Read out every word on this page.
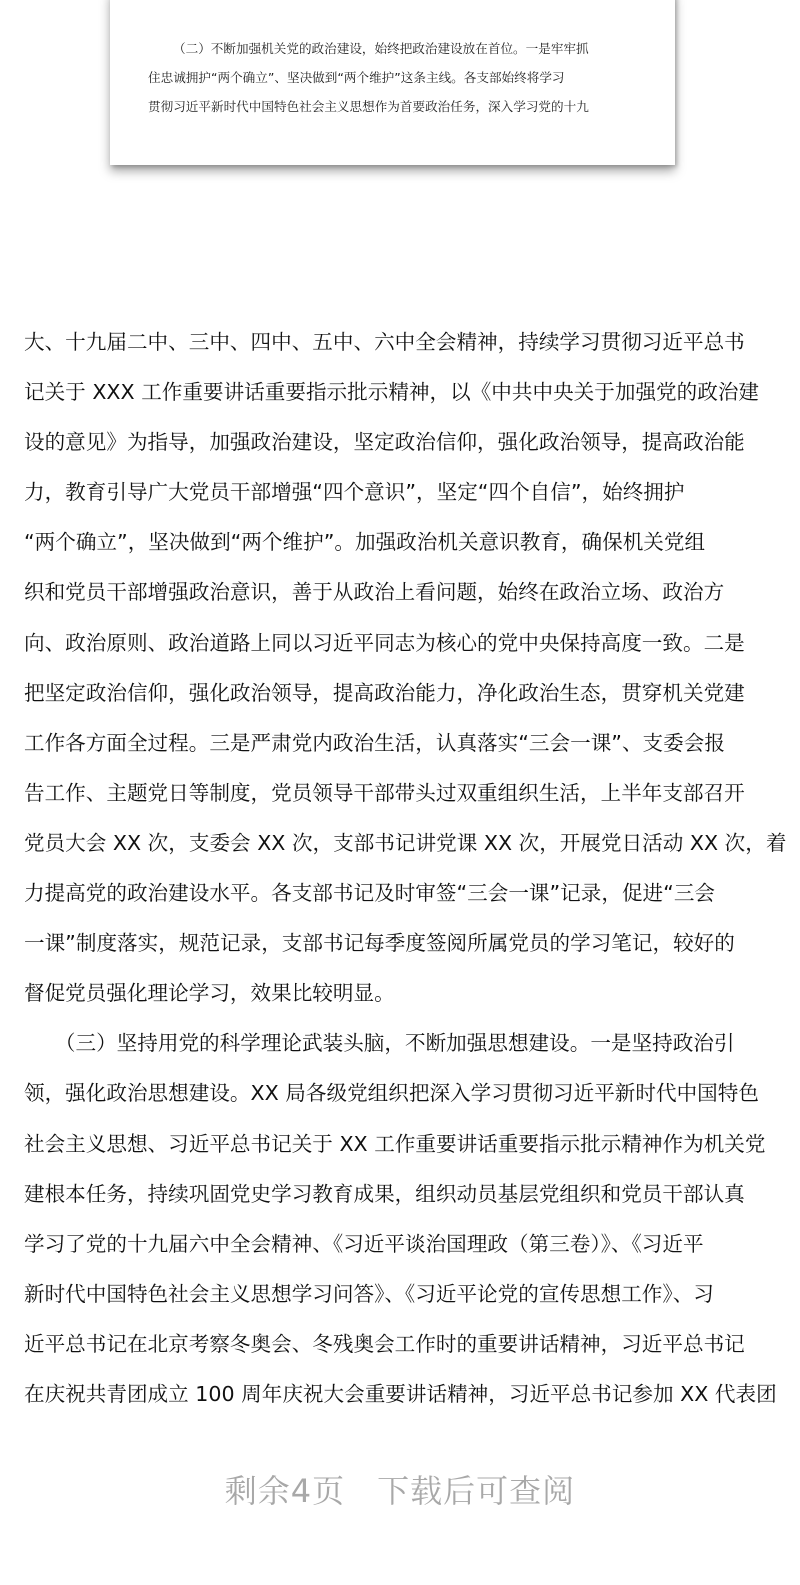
（二）不断加强机关党的政治建设，始终把政治建设放在首位。一是牢牢抓
住忠诚拥护“两个确立”、坚决做到“两个维护”这条主线。各支部始终将学习
贯彻习近平新时代中国特色社会主义思想作为首要政治任务，深入学习党的十九
大、十九届二中、三中、四中、五中、六中全会精神，持续学习贯彻习近平总书
记关于 XXX 工作重要讲话重要指示批示精神，以《中共中央关于加强党的政治建
设的意见》为指导，加强政治建设，坚定政治信仰，强化政治领导，提高政治能
力，教育引导广大党员干部增强“四个意识”，坚定“四个自信”，始终拥护
“两个确立”，坚决做到“两个维护”。加强政治机关意识教育，确保机关党组
织和党员干部增强政治意识，善于从政治上看问题，始终在政治立场、政治方
向、政治原则、政治道路上同以习近平同志为核心的党中央保持高度一致。二是
把坚定政治信仰，强化政治领导，提高政治能力，净化政治生态，贯穿机关党建
工作各方面全过程。三是严肃党内政治生活，认真落实“三会一课”、支委会报
告工作、主题党日等制度，党员领导干部带头过双重组织生活，上半年支部召开
党员大会 XX 次，支委会 XX 次，支部书记讲党课 XX 次，开展党日活动 XX 次，着
力提高党的政治建设水平。各支部书记及时审签“三会一课”记录，促进“三会
一课”制度落实，规范记录，支部书记每季度签阅所属党员的学习笔记，较好的
督促党员强化理论学习，效果比较明显。
　　（三）坚持用党的科学理论武装头脑，不断加强思想建设。一是坚持政治引
领，强化政治思想建设。XX 局各级党组织把深入学习贯彻习近平新时代中国特色
社会主义思想、习近平总书记关于 XX 工作重要讲话重要指示批示精神作为机关党
建根本任务，持续巩固党史学习教育成果，组织动员基层党组织和党员干部认真
学习了党的十九届六中全会精神、《习近平谈治国理政（第三卷）》、《习近平
新时代中国特色社会主义思想学习问答》、《习近平论党的宣传思想工作》、习
近平总书记在北京考察冬奥会、冬残奥会工作时的重要讲话精神，习近平总书记
在庆祝共青团成立 100 周年庆祝大会重要讲话精神，习近平总书记参加 XX 代表团
剩余4页 下载后可查阅
